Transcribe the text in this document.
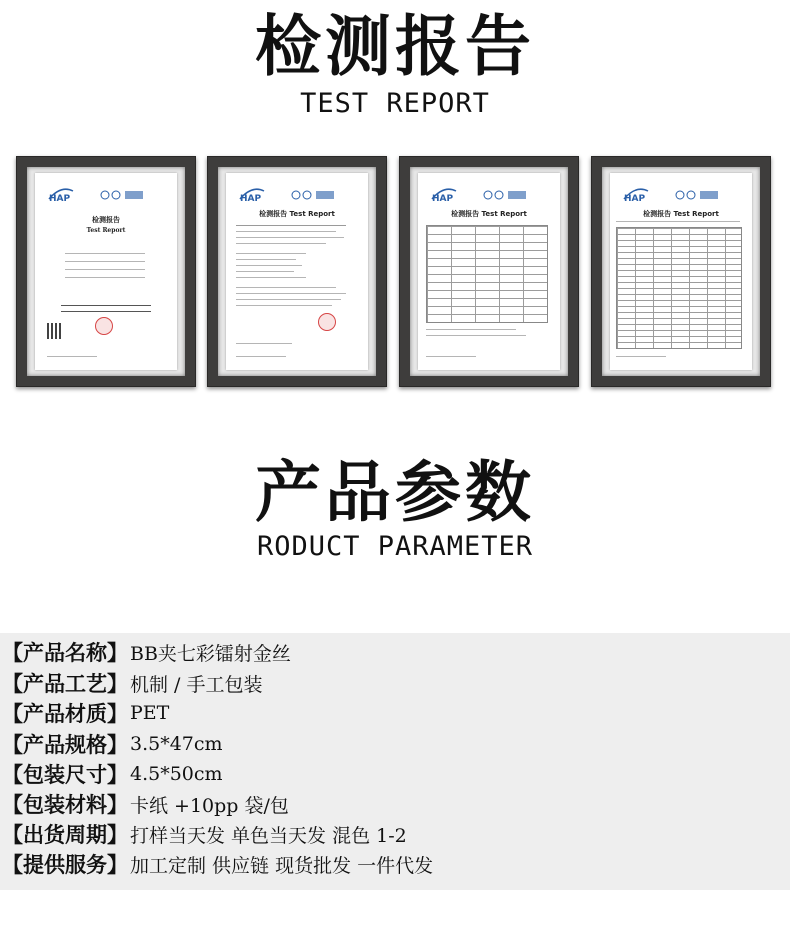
检测报告
TEST REPORT
HAP
检测报告
Test Report
HAP
检测报告 Test Report
HAP
检测报告 Test Report
HAP
检测报告 Test Report
产品参数
RODUCT PARAMETER
【产品名称】 BB夹七彩镭射金丝
【产品工艺】 机制 / 手工包装
【产品材质】 PET
【产品规格】 3.5*47cm
【包装尺寸】 4.5*50cm
【包装材料】 卡纸 +10pp 袋/包
【出货周期】 打样当天发 单色当天发 混色 1-2
【提供服务】 加工定制 供应链 现货批发 一件代发
